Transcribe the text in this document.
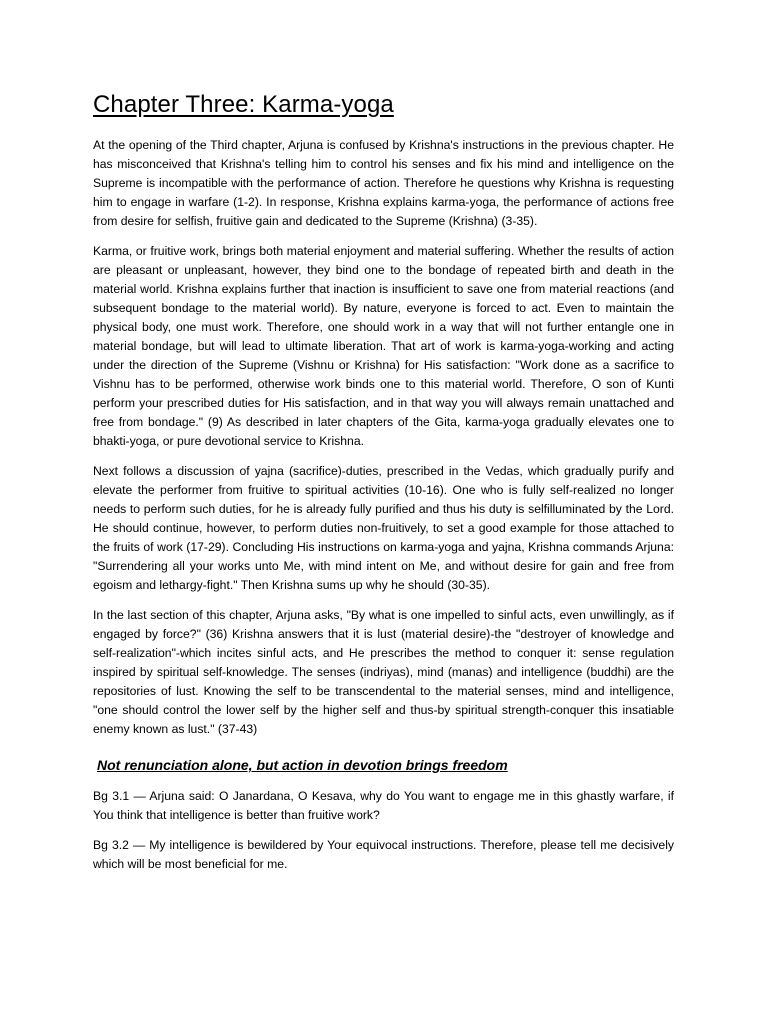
Chapter Three: Karma-yoga

At the opening of the Third chapter, Arjuna is confused by Krishna's instructions in the previous chapter. He has misconceived that Krishna's telling him to control his senses and fix his mind and intelligence on the Supreme is incompatible with the performance of action. Therefore he questions why Krishna is requesting him to engage in warfare (1-2). In response, Krishna explains karma-yoga, the performance of actions free from desire for selfish, fruitive gain and dedicated to the Supreme (Krishna) (3-35).

Karma, or fruitive work, brings both material enjoyment and material suffering. Whether the results of action are pleasant or unpleasant, however, they bind one to the bondage of repeated birth and death in the material world. Krishna explains further that inaction is insufficient to save one from material reactions (and subsequent bondage to the material world). By nature, everyone is forced to act. Even to maintain the physical body, one must work. Therefore, one should work in a way that will not further entangle one in material bondage, but will lead to ultimate liberation. That art of work is karma-yoga-working and acting under the direction of the Supreme (Vishnu or Krishna) for His satisfaction: "Work done as a sacrifice to Vishnu has to be performed, otherwise work binds one to this material world. Therefore, O son of Kunti perform your prescribed duties for His satisfaction, and in that way you will always remain unattached and free from bondage." (9) As described in later chapters of the Gita, karma-yoga gradually elevates one to bhakti-yoga, or pure devotional service to Krishna.

Next follows a discussion of yajna (sacrifice)-duties, prescribed in the Vedas, which gradually purify and elevate the performer from fruitive to spiritual activities (10-16). One who is fully self-realized no longer needs to perform such duties, for he is already fully purified and thus his duty is selfilluminated by the Lord. He should continue, however, to perform duties non-fruitively, to set a good example for those attached to the fruits of work (17-29). Concluding His instructions on karma-yoga and yajna, Krishna commands Arjuna: "Surrendering all your works unto Me, with mind intent on Me, and without desire for gain and free from egoism and lethargy-fight." Then Krishna sums up why he should (30-35).

In the last section of this chapter, Arjuna asks, "By what is one impelled to sinful acts, even unwillingly, as if engaged by force?" (36) Krishna answers that it is lust (material desire)-the "destroyer of knowledge and self-realization"-which incites sinful acts, and He prescribes the method to conquer it: sense regulation inspired by spiritual self-knowledge. The senses (indriyas), mind (manas) and intelligence (buddhi) are the repositories of lust. Knowing the self to be transcendental to the material senses, mind and intelligence, "one should control the lower self by the higher self and thus-by spiritual strength-conquer this insatiable enemy known as lust." (37-43)

Not renunciation alone, but action in devotion brings freedom

Bg 3.1 — Arjuna said: O Janardana, O Kesava, why do You want to engage me in this ghastly warfare, if You think that intelligence is better than fruitive work?

Bg 3.2 — My intelligence is bewildered by Your equivocal instructions. Therefore, please tell me decisively which will be most beneficial for me.
